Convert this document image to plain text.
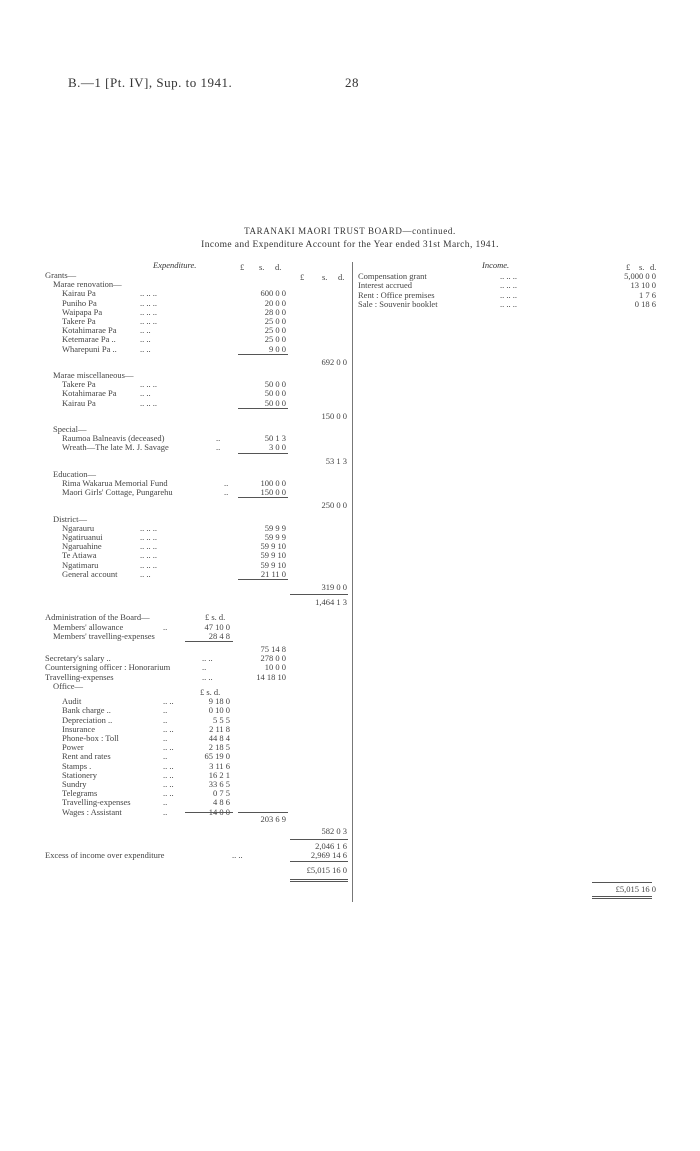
B.—1 [Pt. IV], Sup. to 1941.	28
TARANAKI MAORI TRUST BOARD—continued.
Income and Expenditure Account for the Year ended 31st March, 1941.
Expenditure.	Income.
£ s. d.
£ s. d.
Grants—
Marae renovation—
Kairau Pa	.. .. ..	600 0 0
Puniho Pa	.. .. ..	20 0 0
Waipapa Pa	.. .. ..	28 0 0
Takere Pa	.. .. ..	25 0 0
Kotahimarae Pa	.. ..	25 0 0
Ketemarae Pa ..	.. ..	25 0 0
Wharepuni Pa ..	.. ..	9 0 0
692 0 0
Marae miscellaneous—
Takere Pa	.. .. ..	50 0 0
Kotahimarae Pa	.. ..	50 0 0
Kairau Pa	.. .. ..	50 0 0
150 0 0
Special—
Raumoa Balneavis (deceased)	..	50 1 3
Wreath—The late M. J. Savage	..	3 0 0
53 1 3
Education—
Rima Wakarua Memorial Fund	..	100 0 0
Maori Girls' Cottage, Pungarehu	..	150 0 0
250 0 0
District—
Ngarauru	.. .. ..	59 9 9
Ngatiruanui	.. .. ..	59 9 9
Ngaruahine	.. .. ..	59 9 10
Te Atiawa	.. .. ..	59 9 10
Ngatimaru	.. .. ..	59 9 10
General account	.. ..	21 11 0
319 0 0
1,464 1 3
Administration of the Board—	£ s. d.
Members' allowance	..	47 10 0
Members' travelling-expenses	28 4 8
75 14 8
Secretary's salary ..	.. ..	278 0 0
Countersigning officer : Honorarium	..	10 0 0
Travelling-expenses	.. ..	14 18 10
Office—
£ s. d.
Audit	.. ..	9 18 0
Bank charge ..	..	0 10 0
Depreciation ..	..	5 5 5
Insurance	.. ..	2 11 8
Phone-box : Toll	..	44 8 4
Power	.. ..	2 18 5
Rent and rates	..	65 19 0
Stamps .	.. ..	3 11 6
Stationery	.. ..	16 2 1
Sundry	.. ..	33 6 5
Telegrams	.. ..	0 7 5
Travelling-expenses	..	4 8 6
Wages : Assistant	..	14 0 0
203 6 9
582 0 3
2,046 1 6
Excess of income over expenditure	.. ..	2,969 14 6
£5,015 16 0
£ s. d.
Compensation grant	.. .. ..	5,000 0 0
Interest accrued	.. .. ..	13 10 0
Rent : Office premises	.. .. ..	1 7 6
Sale : Souvenir booklet	.. .. ..	0 18 6
£5,015 16 0
